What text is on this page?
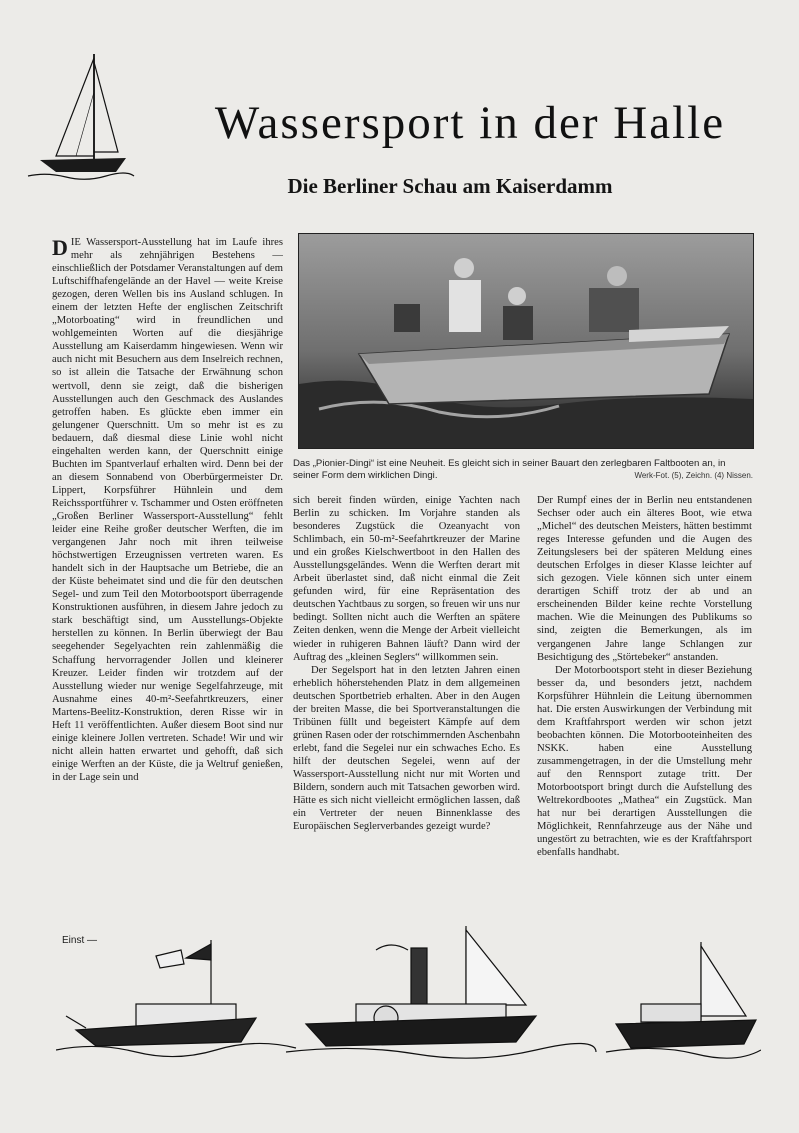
Wassersport in der Halle
Die Berliner Schau am Kaiserdamm

DIE Wassersport-Ausstellung hat im Laufe ihres mehr als zehnjährigen Bestehens — einschließlich der Potsdamer Veranstaltungen auf dem Luftschiffhafengelände an der Havel — weite Kreise gezogen, deren Wellen bis ins Ausland schlugen. In einem der letzten Hefte der englischen Zeitschrift „Motorboating“ wird in freundlichen und wohlgemeinten Worten auf die diesjährige Ausstellung am Kaiserdamm hingewiesen. Wenn wir auch nicht mit Besuchern aus dem Inselreich rechnen, so ist allein die Tatsache der Erwähnung schon wertvoll, denn sie zeigt, daß die bisherigen Ausstellungen auch den Geschmack des Auslandes getroffen haben. Es glückte eben immer ein gelungener Querschnitt. Um so mehr ist es zu bedauern, daß diesmal diese Linie wohl nicht eingehalten werden kann, der Querschnitt einige Buchten im Spantverlauf erhalten wird. Denn bei der an diesem Sonnabend von Oberbürgermeister Dr. Lippert, Korpsführer Hühnlein und dem Reichssportführer v. Tschammer und Osten eröffneten „Großen Berliner Wassersport-Ausstellung“ fehlt leider eine Reihe großer deutscher Werften, die im vergangenen Jahr noch mit ihren teilweise höchstwertigen Erzeugnissen vertreten waren. Es handelt sich in der Hauptsache um Betriebe, die an der Küste beheimatet sind und die für den deutschen Segel- und zum Teil den Motorbootsport überragende Konstruktionen ausführen, in diesem Jahre jedoch zu stark beschäftigt sind, um Ausstellungs-Objekte herstellen zu können. In Berlin überwiegt der Bau seegehender Segelyachten rein zahlenmäßig die Schaffung hervorragender Jollen und kleinerer Kreuzer. Leider finden wir trotzdem auf der Ausstellung wieder nur wenige Segelfahrzeuge, mit Ausnahme eines 40-m²-Seefahrtkreuzers, einer Martens-Beelitz-Konstruktion, deren Risse wir in Heft 11 veröffentlichten. Außer diesem Boot sind nur einige kleinere Jollen vertreten. Schade! Wir und wir nicht allein hatten erwartet und gehofft, daß sich einige Werften an der Küste, die ja Weltruf genießen, in der Lage sein und

Das „Pionier-Dingi“ ist eine Neuheit. Es gleicht sich in seiner Bauart den zerlegbaren Faltbooten an, in seiner Form dem wirklichen Dingi.	Werk-Fot. (5), Zeichn. (4) Nissen.

sich bereit finden würden, einige Yachten nach Berlin zu schicken. Im Vorjahre standen als besonderes Zugstück die Ozeanyacht von Schlimbach, ein 50-m²-Seefahrtkreuzer der Marine und ein großes Kielschwertboot in den Hallen des Ausstellungsgeländes. Wenn die Werften derart mit Arbeit überlastet sind, daß nicht einmal die Zeit gefunden wird, für eine Repräsentation des deutschen Yachtbaus zu sorgen, so freuen wir uns nur bedingt. Sollten nicht auch die Werften an spätere Zeiten denken, wenn die Menge der Arbeit vielleicht wieder in ruhigeren Bahnen läuft? Dann wird der Auftrag des „kleinen Seglers“ willkommen sein.

Der Segelsport hat in den letzten Jahren einen erheblich höherstehenden Platz in dem allgemeinen deutschen Sportbetrieb erhalten. Aber in den Augen der breiten Masse, die bei Sportveranstaltungen die Tribünen füllt und begeistert Kämpfe auf dem grünen Rasen oder der rotschimmernden Aschenbahn erlebt, fand die Segelei nur ein schwaches Echo. Es hilft der deutschen Segelei, wenn auf der Wassersport-Ausstellung nicht nur mit Worten und Bildern, sondern auch mit Tatsachen geworben wird. Hätte es sich nicht vielleicht ermöglichen lassen, daß ein Vertreter der neuen Binnenklasse des Europäischen Seglerverbandes gezeigt wurde?

Der Rumpf eines der in Berlin neu entstandenen Sechser oder auch ein älteres Boot, wie etwa „Michel“ des deutschen Meisters, hätten bestimmt reges Interesse gefunden und die Augen des Zeitungslesers bei der späteren Meldung eines deutschen Erfolges in dieser Klasse leichter auf sich gezogen. Viele können sich unter einem derartigen Schiff trotz der ab und an erscheinenden Bilder keine rechte Vorstellung machen. Wie die Meinungen des Publikums so sind, zeigten die Bemerkungen, als im vergangenen Jahre lange Schlangen zur Besichtigung des „Störtebeker“ anstanden.

Der Motorbootsport steht in dieser Beziehung besser da, und besonders jetzt, nachdem Korpsführer Hühnlein die Leitung übernommen hat. Die ersten Auswirkungen der Verbindung mit dem Kraftfahrsport werden wir schon jetzt beobachten können. Die Motorbooteinheiten des NSKK. haben eine Ausstellung zusammengetragen, in der die Umstellung mehr auf den Rennsport zutage tritt. Der Motorbootsport bringt durch die Aufstellung des Weltrekordbootes „Mathea“ ein Zugstück. Man hat nur bei derartigen Ausstellungen die Möglichkeit, Rennfahrzeuge aus der Nähe und ungestört zu betrachten, wie es der Kraftfahrsport ebenfalls handhabt.

Einst —
